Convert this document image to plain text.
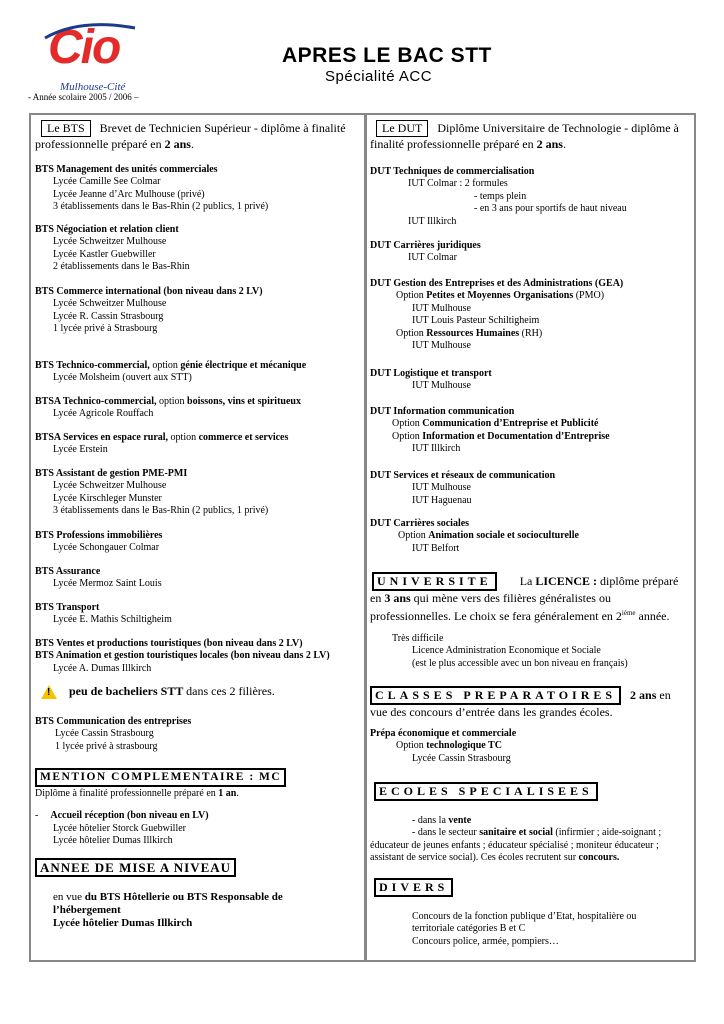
Cio
Mulhouse-Cité
- Année scolaire 2005 / 2006 –
APRES LE BAC STT
Spécialité ACC
Le BTS Brevet de Technicien Supérieur - diplôme à finalité
professionnelle préparé en 2 ans.
BTS Management des unités commerciales
Lycée Camille See Colmar
Lycée Jeanne d’Arc Mulhouse (privé)
3 établissements dans le Bas-Rhin (2 publics, 1 privé)
BTS Négociation et relation client
Lycée Schweitzer Mulhouse
Lycée Kastler Guebwiller
2 établissements dans le Bas-Rhin
BTS Commerce international (bon niveau dans 2 LV)
Lycée Schweitzer Mulhouse
Lycée R. Cassin Strasbourg
1 lycée privé à Strasbourg
BTS Technico-commercial, option génie électrique et mécanique
Lycée Molsheim (ouvert aux STT)
BTSA Technico-commercial, option boissons, vins et spiritueux
Lycée Agricole Rouffach
BTSA Services en espace rural, option commerce et services
Lycée Erstein
BTS Assistant de gestion PME-PMI
Lycée Schweitzer Mulhouse
Lycée Kirschleger Munster
3 établissements dans le Bas-Rhin (2 publics, 1 privé)
BTS Professions immobilières
Lycée Schongauer Colmar
BTS Assurance
Lycée Mermoz Saint Louis
BTS Transport
Lycée E. Mathis Schiltigheim
BTS Ventes et productions touristiques (bon niveau dans 2 LV)
BTS Animation et gestion touristiques locales (bon niveau dans 2 LV)
Lycée A. Dumas Illkirch
! peu de bacheliers STT dans ces 2 filières.
BTS Communication des entreprises
Lycée Cassin Strasbourg
1 lycée privé à strasbourg
MENTION COMPLEMENTAIRE : MC
Diplôme à finalité professionnelle préparé en 1 an.
- Accueil réception (bon niveau en LV)
Lycée hôtelier Storck Guebwiller
Lycée hôtelier Dumas Illkirch
ANNEE DE MISE A NIVEAU
en vue du BTS Hôtellerie ou BTS Responsable de
l’hébergement
Lycée hôtelier Dumas Illkirch
Le DUT Diplôme Universitaire de Technologie - diplôme à
finalité professionnelle préparé en 2 ans.
DUT Techniques de commercialisation
IUT Colmar : 2 formules
- temps plein
- en 3 ans pour sportifs de haut niveau
IUT Illkirch
DUT Carrières juridiques
IUT Colmar
DUT Gestion des Entreprises et des Administrations (GEA)
Option Petites et Moyennes Organisations (PMO)
IUT Mulhouse
IUT Louis Pasteur Schiltigheim
Option Ressources Humaines (RH)
IUT Mulhouse
DUT Logistique et transport
IUT Mulhouse
DUT Information communication
Option Communication d’Entreprise et Publicité
Option Information et Documentation d’Entreprise
IUT Illkirch
DUT Services et réseaux de communication
IUT Mulhouse
IUT Haguenau
DUT Carrières sociales
Option Animation sociale et socioculturelle
IUT Belfort
UNIVERSITE La LICENCE : diplôme préparé
en 3 ans qui mène vers des filières généralistes ou
professionnelles. Le choix se fera généralement en 2ième année.
Très difficile
Licence Administration Economique et Sociale
(est le plus accessible avec un bon niveau en français)
CLASSES PREPARATOIRES 2 ans en
vue des concours d’entrée dans les grandes écoles.
Prépa économique et commerciale
Option technologique TC
Lycée Cassin Strasbourg
ECOLES SPECIALISEES
- dans la vente
- dans le secteur sanitaire et social (infirmier ; aide-soignant ;
éducateur de jeunes enfants ; éducateur spécialisé ; moniteur éducateur ;
assistant de service social). Ces écoles recrutent sur concours.
DIVERS
Concours de la fonction publique d’Etat, hospitalière ou
territoriale catégories B et C
Concours police, armée, pompiers…
